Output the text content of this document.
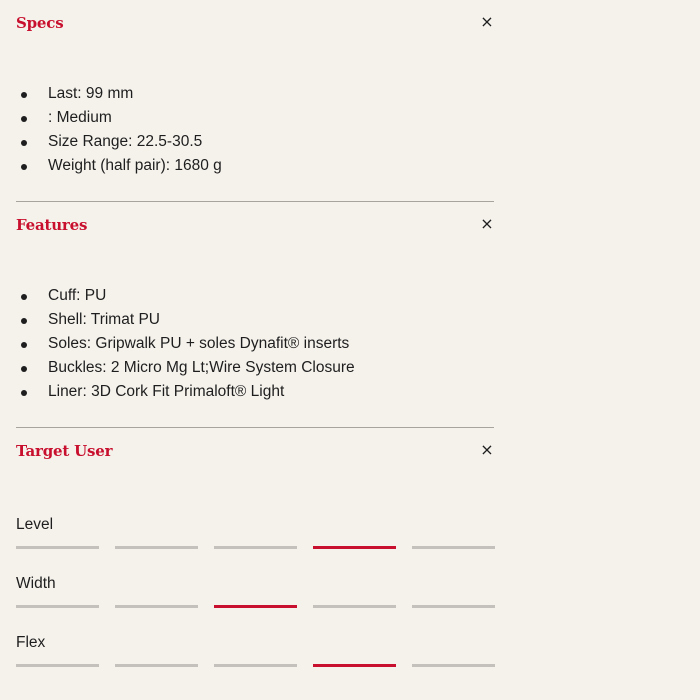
Specs	×
Last: 99 mm
: Medium
Size Range: 22.5-30.5
Weight (half pair): 1680 g
Features	×
Cuff: PU
Shell: Trimat PU
Soles: Gripwalk PU + soles Dynafit® inserts
Buckles: 2 Micro Mg Lt;Wire System Closure
Liner: 3D Cork Fit Primaloft® Light
Target User	×
Level
Width
Flex
